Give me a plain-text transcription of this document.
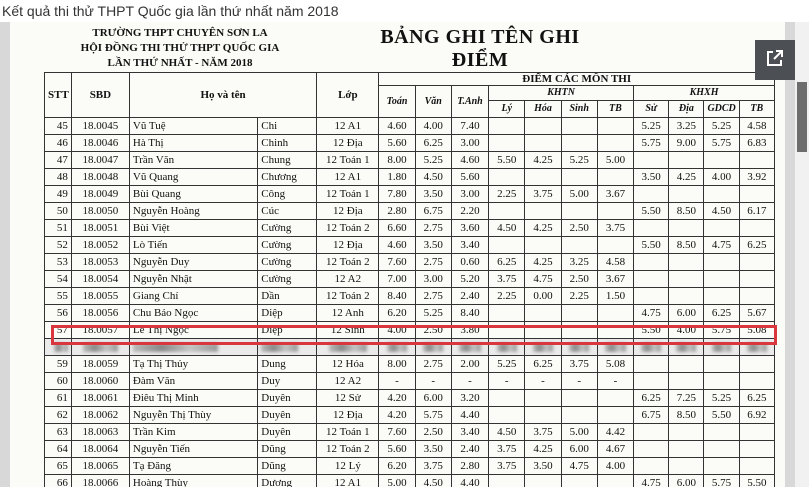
Kết quả thi thử THPT Quốc gia lần thứ nhất năm 2018
TRƯỜNG THPT CHUYÊN SƠN LA
HỘI ĐỒNG THI THỬ THPT QUỐC GIA
LẦN THỨ NHẤT - NĂM 2018
BẢNG GHI TÊN GHI ĐIỂM
STT	SBD	Họ và tên		Lớp	ĐIỂM CÁC MÔN THI										
					Toán	Văn	T.Anh	KHTN				KHXH			
								Lý	Hóa	Sinh	TB	Sử	Địa	GDCD	TB
45	18.0045	Vũ Tuệ	Chi	12 A1	4.60	4.00	7.40					5.25	3.25	5.25	4.58
46	18.0046	Hà Thị	Chinh	12 Địa	5.60	6.25	3.00					5.75	9.00	5.75	6.83
47	18.0047	Trần Văn	Chung	12 Toán 1	8.00	5.25	4.60	5.50	4.25	5.25	5.00				
48	18.0048	Vũ Quang	Chương	12 A1	1.80	4.50	5.60					3.50	4.25	4.00	3.92
49	18.0049	Bùi Quang	Công	12 Toán 1	7.80	3.50	3.00	2.25	3.75	5.00	3.67				
50	18.0050	Nguyễn Hoàng	Cúc	12 Địa	2.80	6.75	2.20					5.50	8.50	4.50	6.17
51	18.0051	Bùi Việt	Cường	12 Toán 2	6.60	2.75	3.60	4.50	4.25	2.50	3.75				
52	18.0052	Lò Tiến	Cường	12 Địa	4.60	3.50	3.40					5.50	8.50	4.75	6.25
53	18.0053	Nguyễn Duy	Cường	12 Toán 2	7.60	2.75	0.60	6.25	4.25	3.25	4.58				
54	18.0054	Nguyễn Nhật	Cường	12 A2	7.00	3.00	5.20	3.75	4.75	2.50	3.67				
55	18.0055	Giang Chí	Dần	12 Toán 2	8.40	2.75	2.40	2.25	0.00	2.25	1.50				
56	18.0056	Chu Bảo Ngọc	Diệp	12 Anh	6.20	5.25	8.40					4.75	6.00	6.25	5.67
57	18.0057	Lê Thị Ngọc	Diệp	12 Sinh	4.00	2.50	3.80					5.50	4.00	5.75	5.08

59	18.0059	Tạ Thị Thủy	Dung	12 Hóa	8.00	2.75	2.00	5.25	6.25	3.75	5.08				
60	18.0060	Đàm Văn	Duy	12 A2	-	-	-	-	-	-	-				
61	18.0061	Điêu Thị Minh	Duyên	12 Sử	4.20	6.00	3.20					6.25	7.25	5.25	6.25
62	18.0062	Nguyễn Thị Thùy	Duyên	12 Địa	4.20	5.75	4.40					6.75	8.50	5.50	6.92
63	18.0063	Trần Kim	Duyên	12 Toán 1	7.60	2.50	3.40	4.50	3.75	5.00	4.42				
64	18.0064	Nguyễn Tiến	Dũng	12 Toán 2	5.60	3.50	2.40	3.75	4.25	6.00	4.67				
65	18.0065	Tạ Đăng	Dũng	12 Lý	6.20	3.75	2.80	3.75	3.50	4.75	4.00				
66	18.0066	Hoàng Thùy	Dương	12 A1	5.00	4.50	4.40					4.75	6.00	5.75	5.50
